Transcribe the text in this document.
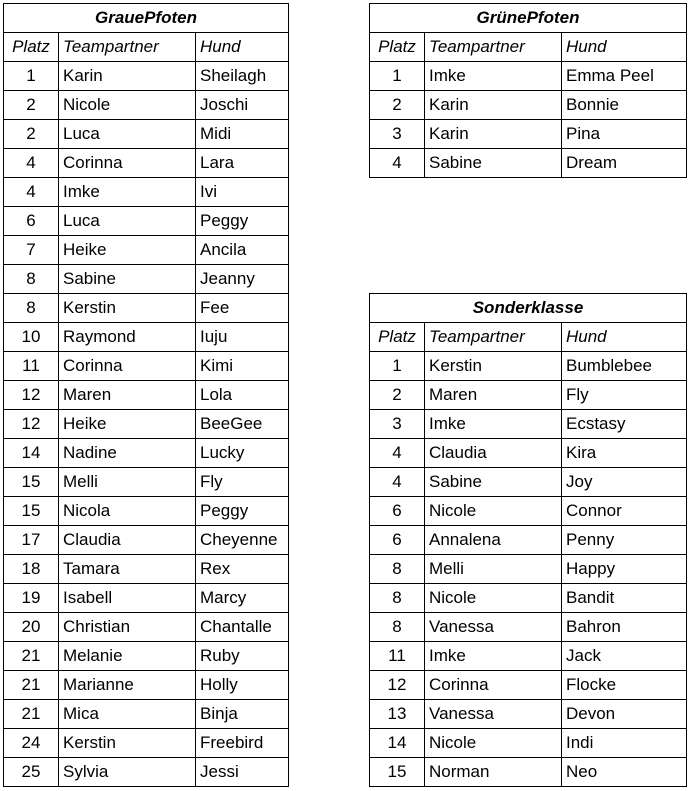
GrauePfoten		
Platz	Teampartner	Hund
1	Karin	Sheilagh
2	Nicole	Joschi
2	Luca	Midi
4	Corinna	Lara
4	Imke	Ivi
6	Luca	Peggy
7	Heike	Ancila
8	Sabine	Jeanny
8	Kerstin	Fee
10	Raymond	Iuju
11	Corinna	Kimi
12	Maren	Lola
12	Heike	BeeGee
14	Nadine	Lucky
15	Melli	Fly
15	Nicola	Peggy
17	Claudia	Cheyenne
18	Tamara	Rex
19	Isabell	Marcy
20	Christian	Chantalle
21	Melanie	Ruby
21	Marianne	Holly
21	Mica	Binja
24	Kerstin	Freebird
25	Sylvia	Jessi
GrünePfoten		
Platz	Teampartner	Hund
1	Imke	Emma Peel
2	Karin	Bonnie
3	Karin	Pina
4	Sabine	Dream
Sonderklasse		
Platz	Teampartner	Hund
1	Kerstin	Bumblebee
2	Maren	Fly
3	Imke	Ecstasy
4	Claudia	Kira
4	Sabine	Joy
6	Nicole	Connor
6	Annalena	Penny
8	Melli	Happy
8	Nicole	Bandit
8	Vanessa	Bahron
11	Imke	Jack
12	Corinna	Flocke
13	Vanessa	Devon
14	Nicole	Indi
15	Norman	Neo
